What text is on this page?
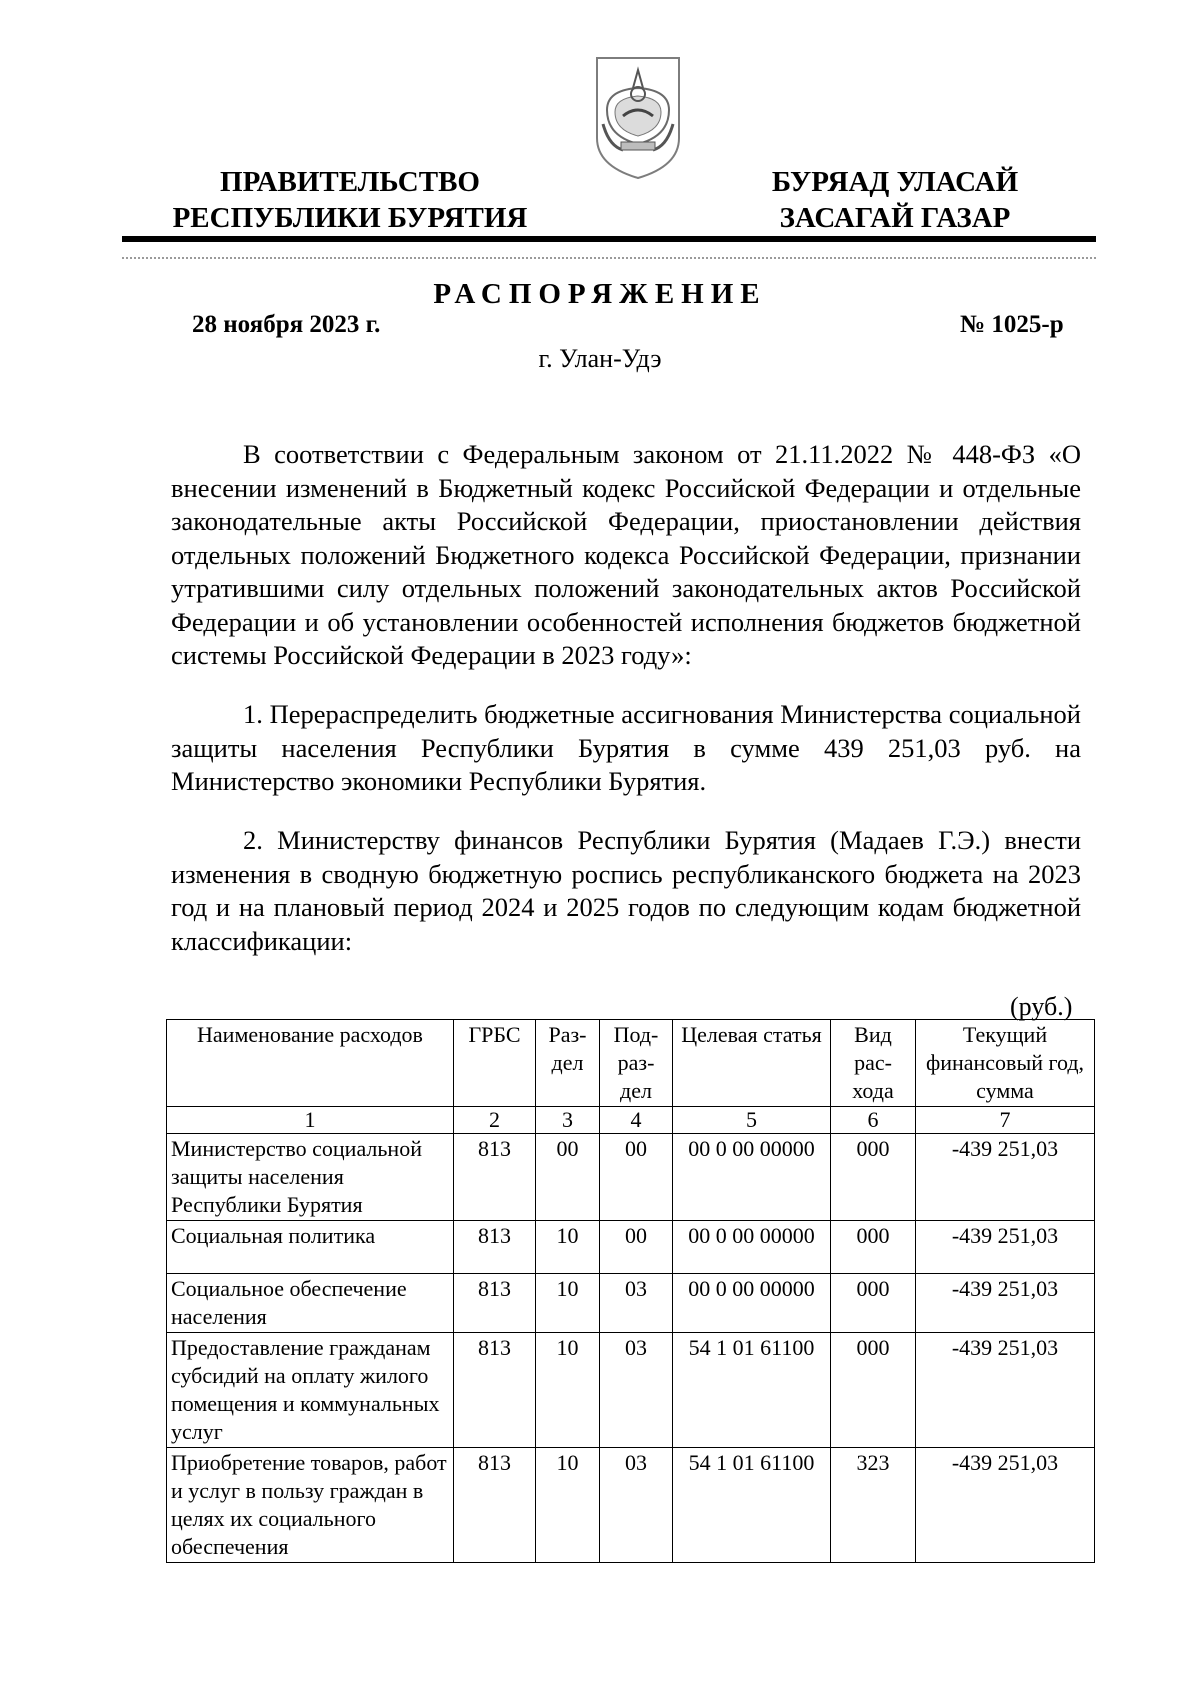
ПРАВИТЕЛЬСТВО
РЕСПУБЛИКИ БУРЯТИЯ
БУРЯАД УЛАСАЙ
ЗАСАГАЙ ГАЗАР
РАСПОРЯЖЕНИЕ
28 ноября 2023 г.	№ 1025-р
г. Улан-Удэ

В соответствии с Федеральным законом от 21.11.2022 № 448-ФЗ «О внесении изменений в Бюджетный кодекс Российской Федерации и отдельные законодательные акты Российской Федерации, приостановлении действия отдельных положений Бюджетного кодекса Российской Федерации, признании утратившими силу отдельных положений законодательных актов Российской Федерации и об установлении особенностей исполнения бюджетов бюджетной системы Российской Федерации в 2023 году»:

1. Перераспределить бюджетные ассигнования Министерства социальной защиты населения Республики Бурятия в сумме 439 251,03 руб. на Министерство экономики Республики Бурятия.

2. Министерству финансов Республики Бурятия (Мадаев Г.Э.) внести изменения в сводную бюджетную роспись республиканского бюджета на 2023 год и на плановый период 2024 и 2025 годов по следующим кодам бюджетной классификации:

(руб.)
Наименование расходов	ГРБС	Раз-дел	Под-раз-дел	Целевая статья	Вид рас-хода	Текущий финансовый год, сумма
1	2	3	4	5	6	7
Министерство социальной защиты населения Республики Бурятия	813	00	00	00 0 00 00000	000	-439 251,03
Социальная политика	813	10	00	00 0 00 00000	000	-439 251,03
Социальное обеспечение населения	813	10	03	00 0 00 00000	000	-439 251,03
Предоставление гражданам субсидий на оплату жилого помещения и коммунальных услуг	813	10	03	54 1 01 61100	000	-439 251,03
Приобретение товаров, работ и услуг в пользу граждан в целях их социального обеспечения	813	10	03	54 1 01 61100	323	-439 251,03
